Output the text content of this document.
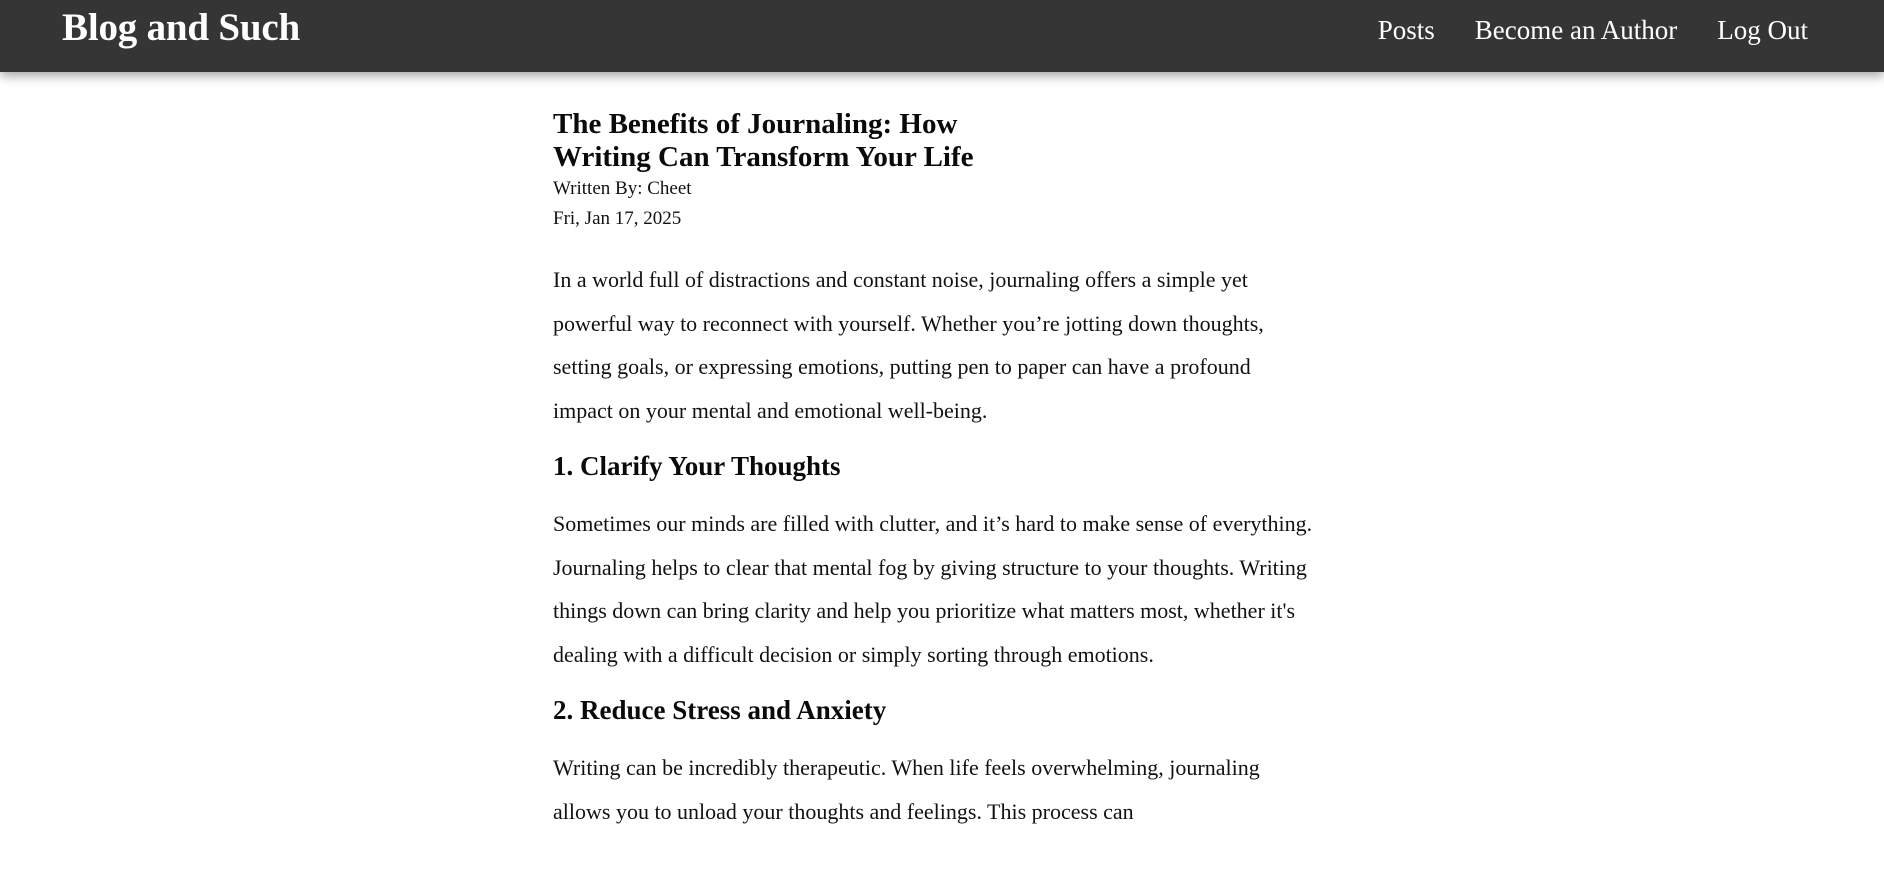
Blog and Such	Posts Become an Author Log Out
The Benefits of Journaling: How Writing Can Transform Your Life
Written By: Cheet
Fri, Jan 17, 2025

In a world full of distractions and constant noise, journaling offers a simple yet powerful way to reconnect with yourself. Whether you’re jotting down thoughts, setting goals, or expressing emotions, putting pen to paper can have a profound impact on your mental and emotional well-being.

1. Clarify Your Thoughts

Sometimes our minds are filled with clutter, and it’s hard to make sense of everything. Journaling helps to clear that mental fog by giving structure to your thoughts. Writing things down can bring clarity and help you prioritize what matters most, whether it's dealing with a difficult decision or simply sorting through emotions.

2. Reduce Stress and Anxiety

Writing can be incredibly therapeutic. When life feels overwhelming, journaling allows you to unload your thoughts and feelings. This process can
